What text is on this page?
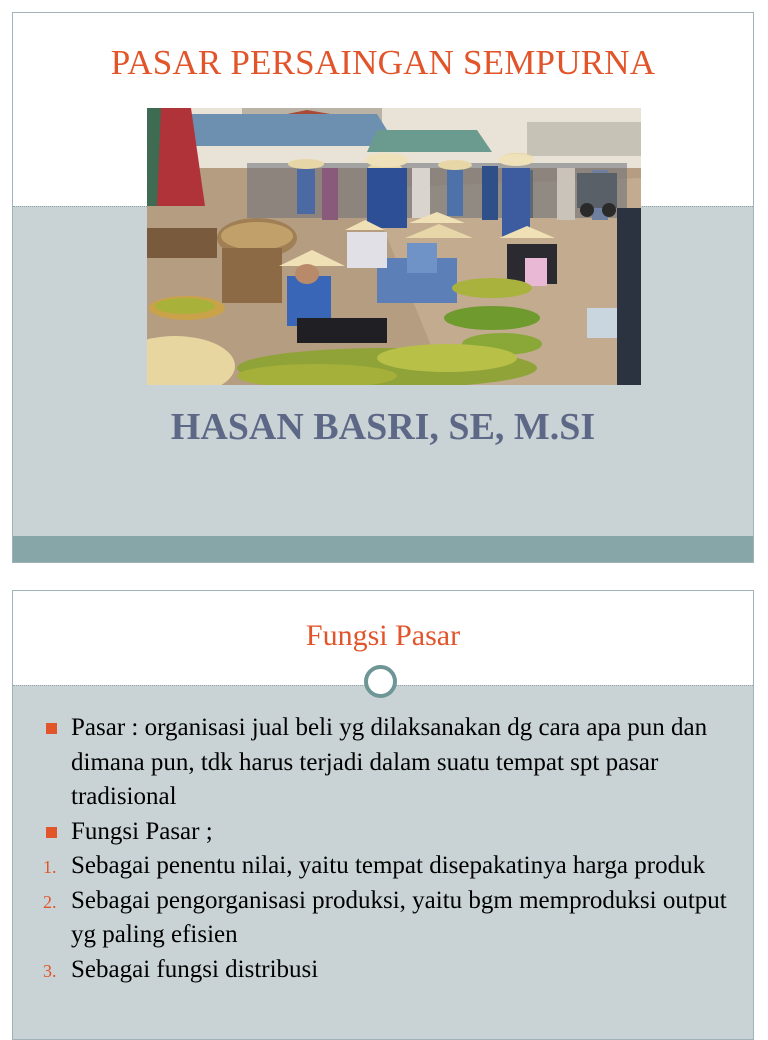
PASAR PERSAINGAN SEMPURNA
HASAN BASRI, SE, M.SI
Fungsi Pasar
Pasar : organisasi jual beli yg dilaksanakan dg cara apa pun dan dimana pun, tdk harus terjadi dalam suatu tempat spt pasar tradisional
Fungsi Pasar ;
1. Sebagai penentu nilai, yaitu tempat disepakatinya harga produk
2. Sebagai pengorganisasi produksi, yaitu bgm memproduksi output yg paling efisien
3. Sebagai fungsi distribusi
